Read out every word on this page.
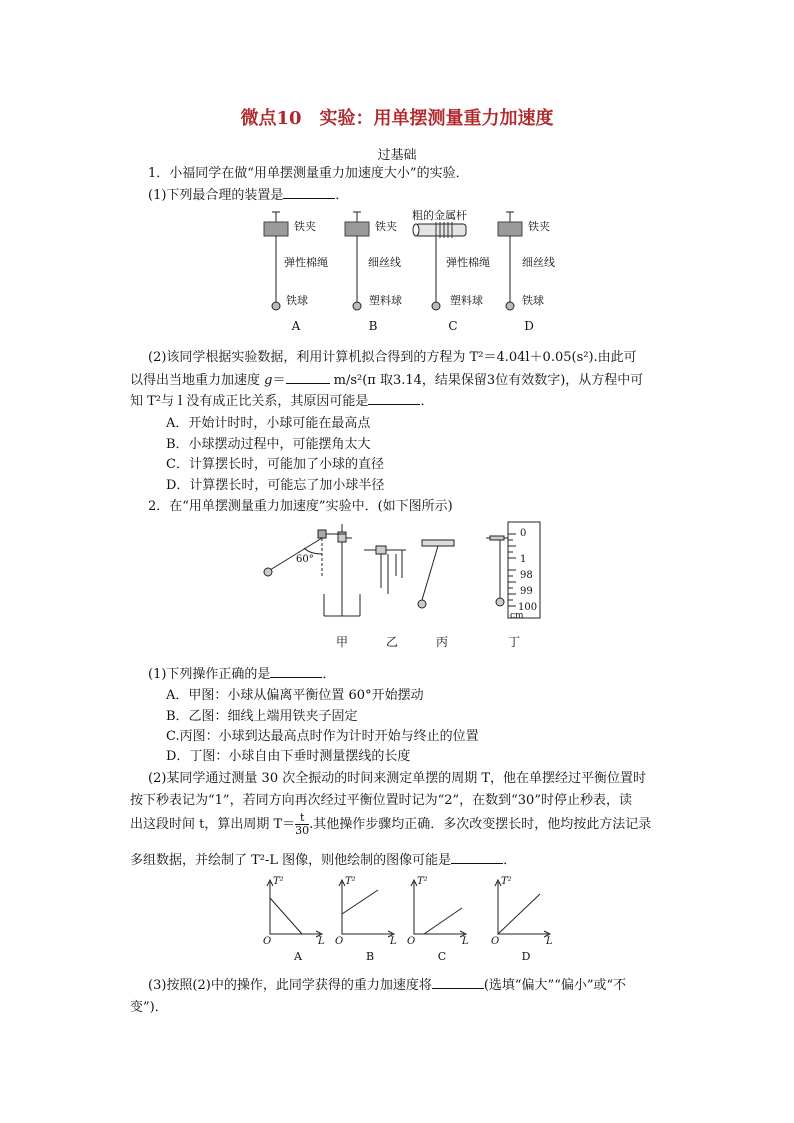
微点10　实验：用单摆测量重力加速度
过基础
1．小福同学在做“用单摆测量重力加速度大小”的实验．
(1)下列最合理的装置是	．
铁夹
弹性棉绳
铁球
铁夹
细丝线
塑料球
粗的金属杆
弹性棉绳
塑料球
铁夹
细丝线
铁球
A	B	C	D
(2)该同学根据实验数据，利用计算机拟合得到的方程为 T²＝4.04l＋0.05(s²).由此可
以得出当地重力加速度 g＝	m/s²(π 取3.14，结果保留3位有效数字)，从方程中可
知 T²与 l 没有成正比关系，其原因可能是	．
A．开始计时时，小球可能在最高点
B．小球摆动过程中，可能摆角太大
C．计算摆长时，可能加了小球的直径
D．计算摆长时，可能忘了加小球半径
2．在“用单摆测量重力加速度”实验中．(如下图所示)
60°
0
1
98
99
100
cm
甲	乙	丙	丁
(1)下列操作正确的是	．
A．甲图：小球从偏离平衡位置 60°开始摆动
B．乙图：细线上端用铁夹子固定
C.丙图：小球到达最高点时作为计时开始与终止的位置
D．丁图：小球自由下垂时测量摆线的长度
(2)某同学通过测量 30 次全振动的时间来测定单摆的周期 T，他在单摆经过平衡位置时
按下秒表记为“1”，若同方向再次经过平衡位置时记为“2”，在数到“30”时停止秒表，读
出这段时间 t，算出周期 $T= \frac{t}{30}$ .其他操作步骤均正确．多次改变摆长时，他均按此方法记录
多组数据，并绘制了 T²-L 图像，则他绘制的图像可能是	．
T²
O	L
T²
O	L
T²
O	L
T²
O	L
A	B	C	D
(3)按照(2)中的操作，此同学获得的重力加速度将	(选填“偏大”“偏小”或“不
变”)．
